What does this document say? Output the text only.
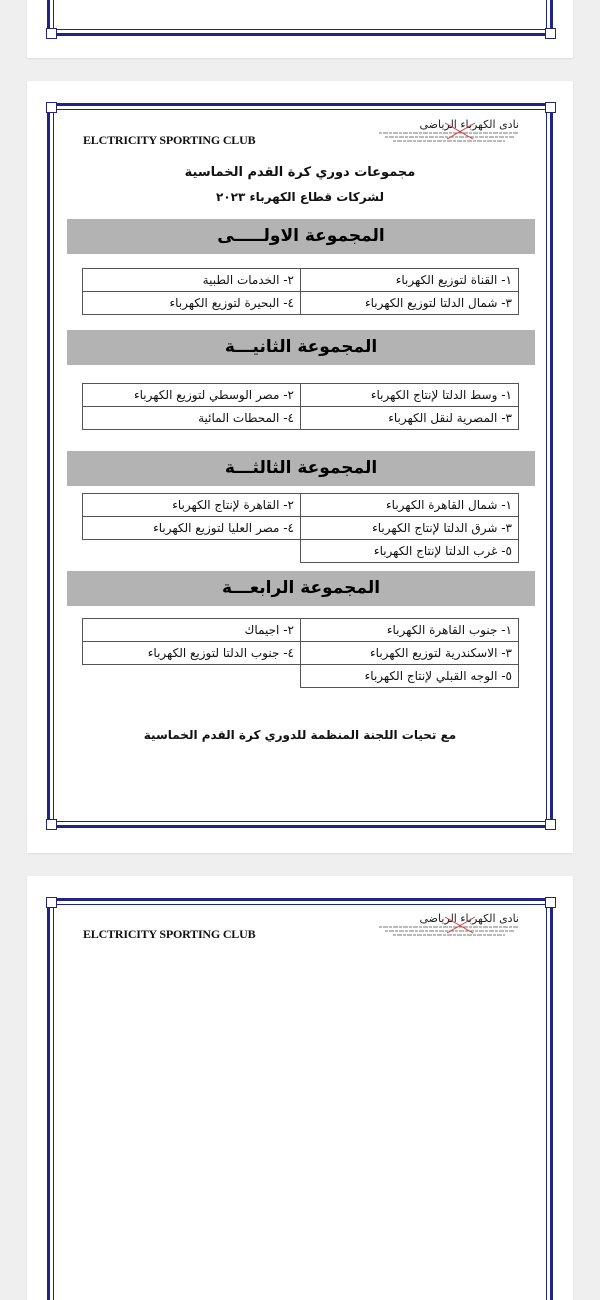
ELCTRICITY SPORTING CLUB
نادى الكهرباء الرياضى
مجموعات دوري كرة القدم الخماسية
لشركات قطاع الكهرباء ٢٠٢٣
المجموعة الاولـــــى
١- القناة لتوزيع الكهرباء	٢- الخدمات الطبية
٣- شمال الدلتا لتوزيع الكهرباء	٤- البحيرة لتوزيع الكهرباء
المجموعة الثانيـــة
١- وسط الدلتا لإنتاج الكهرباء	٢- مصر الوسطي لتوزيع الكهرباء
٣- المصرية لنقل الكهرباء	٤- المحطات المائية
المجموعة الثالثـــة
١- شمال القاهرة الكهرباء	٢- القاهرة لإنتاج الكهرباء
٣- شرق الدلتا لإنتاج الكهرباء	٤- مصر العليا لتوزيع الكهرباء
٥- غرب الدلتا لإنتاج الكهرباء	
المجموعة الرابعـــة
١- جنوب القاهرة الكهرباء	٢- اجيماك
٣- الاسكندرية لتوزيع الكهرباء	٤- جنوب الدلتا لتوزيع الكهرباء
٥- الوجه القبلي لإنتاج الكهرباء	
مع تحيات اللجنة المنظمة للدوري كرة القدم الخماسية
ELCTRICITY SPORTING CLUB
نادى الكهرباء الرياضى
